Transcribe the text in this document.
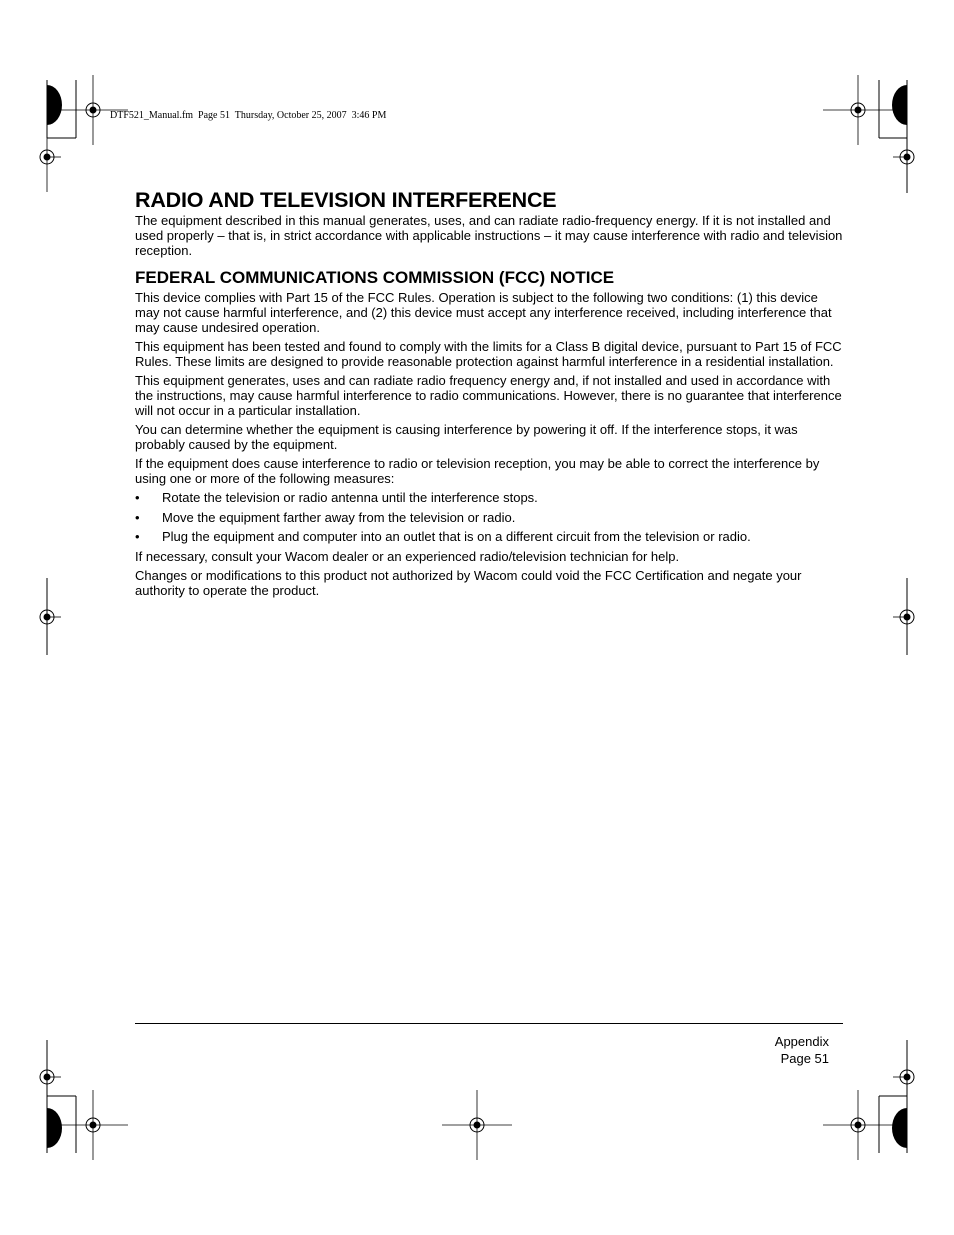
DTF521_Manual.fm  Page 51  Thursday, October 25, 2007  3:46 PM
RADIO AND TELEVISION INTERFERENCE

The equipment described in this manual generates, uses, and can radiate radio-frequency energy. If it is not installed and used properly – that is, in strict accordance with applicable instructions – it may cause interference with radio and television reception.

FEDERAL COMMUNICATIONS COMMISSION (FCC) NOTICE

This device complies with Part 15 of the FCC Rules. Operation is subject to the following two conditions: (1) this device may not cause harmful interference, and (2) this device must accept any interference received, including interference that may cause undesired operation.

This equipment has been tested and found to comply with the limits for a Class B digital device, pursuant to Part 15 of FCC Rules. These limits are designed to provide reasonable protection against harmful interference in a residential installation.

This equipment generates, uses and can radiate radio frequency energy and, if not installed and used in accordance with the instructions, may cause harmful interference to radio communications. However, there is no guarantee that interference will not occur in a particular installation.

You can determine whether the equipment is causing interference by powering it off. If the interference stops, it was probably caused by the equipment.

If the equipment does cause interference to radio or television reception, you may be able to correct the interference by using one or more of the following measures:

• Rotate the television or radio antenna until the interference stops.
• Move the equipment farther away from the television or radio.
• Plug the equipment and computer into an outlet that is on a different circuit from the television or radio.

If necessary, consult your Wacom dealer or an experienced radio/television technician for help.

Changes or modifications to this product not authorized by Wacom could void the FCC Certification and negate your authority to operate the product.

Appendix
Page 51
